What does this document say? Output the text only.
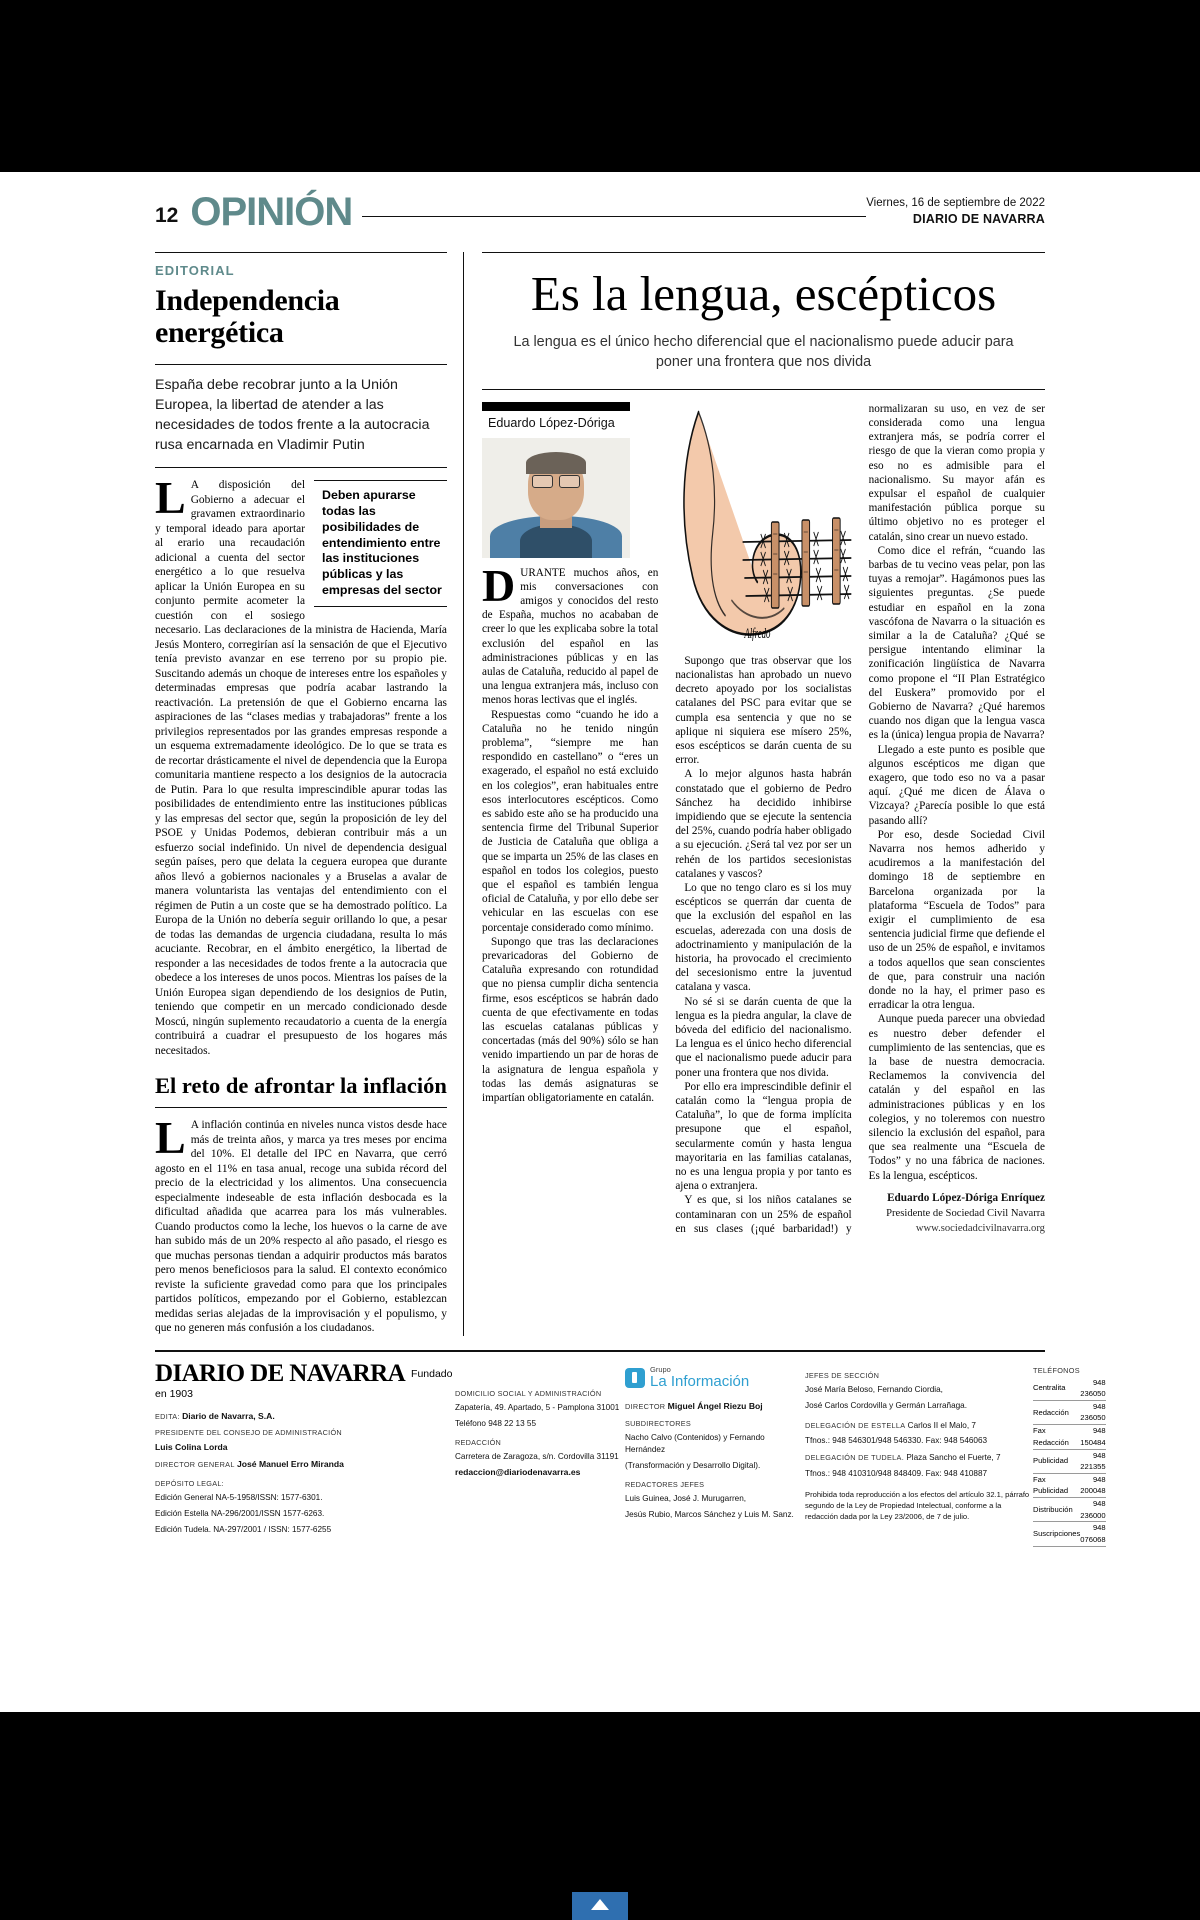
12 OPINIÓN	Viernes, 16 de septiembre de 2022
DIARIO DE NAVARRA
EDITORIAL
Independencia energética
España debe recobrar junto a la Unión Europea, la libertad de atender a las necesidades de todos frente a la autocracia rusa encarnada en Vladimir Putin
Deben apurarse todas las posibilidades de entendimiento entre las instituciones públicas y las empresas del sector

LA disposición del Gobierno a adecuar el gravamen extraordinario y temporal ideado para aportar al erario una recaudación adicional a cuenta del sector energético a lo que resuelva aplicar la Unión Europea en su conjunto permite acometer la cuestión con el sosiego necesario. Las declaraciones de la ministra de Hacienda, María Jesús Montero, corregirían así la sensación de que el Ejecutivo tenía previsto avanzar en ese terreno por su propio pie. Suscitando además un choque de intereses entre los españoles y determinadas empresas que podría acabar lastrando la reactivación. La pretensión de que el Gobierno encarna las aspiraciones de las “clases medias y trabajadoras” frente a los privilegios representados por las grandes empresas responde a un esquema extremadamente ideológico. De lo que se trata es de recortar drásticamente el nivel de dependencia que la Europa comunitaria mantiene respecto a los designios de la autocracia de Putin. Para lo que resulta imprescindible apurar todas las posibilidades de entendimiento entre las instituciones públicas y las empresas del sector que, según la proposición de ley del PSOE y Unidas Podemos, debieran contribuir más a un esfuerzo social indefinido. Un nivel de dependencia desigual según países, pero que delata la ceguera europea que durante años llevó a gobiernos nacionales y a Bruselas a avalar de manera voluntarista las ventajas del entendimiento con el régimen de Putin a un coste que se ha demostrado político. La Europa de la Unión no debería seguir orillando lo que, a pesar de todas las demandas de urgencia ciudadana, resulta lo más acuciante. Recobrar, en el ámbito energético, la libertad de responder a las necesidades de todos frente a la autocracia que obedece a los intereses de unos pocos. Mientras los países de la Unión Europea sigan dependiendo de los designios de Putin, teniendo que competir en un mercado condicionado desde Moscú, ningún suplemento recaudatorio a cuenta de la energía contribuirá a cuadrar el presupuesto de los hogares más necesitados.

El reto de afrontar la inflación

LA inflación continúa en niveles nunca vistos desde hace más de treinta años, y marca ya tres meses por encima del 10%. El detalle del IPC en Navarra, que cerró agosto en el 11% en tasa anual, recoge una subida récord del precio de la electricidad y los alimentos. Una consecuencia especialmente indeseable de esta inflación desbocada es la dificultad añadida que acarrea para los más vulnerables. Cuando productos como la leche, los huevos o la carne de ave han subido más de un 20% respecto al año pasado, el riesgo es que muchas personas tiendan a adquirir productos más baratos pero menos beneficiosos para la salud. El contexto económico reviste la suficiente gravedad como para que los principales partidos políticos, empezando por el Gobierno, establezcan medidas serias alejadas de la improvisación y el populismo, y que no generen más confusión a los ciudadanos.

Es la lengua, escépticos
La lengua es el único hecho diferencial que el nacionalismo puede aducir para poner una frontera que nos divida
Eduardo López-Dóriga

DURANTE muchos años, en mis conversaciones con amigos y conocidos del resto de España, muchos no acababan de creer lo que les explicaba sobre la total exclusión del español en las administraciones públicas y en las aulas de Cataluña, reducido al papel de una lengua extranjera más, incluso con menos horas lectivas que el inglés.

Respuestas como “cuando he ido a Cataluña no he tenido ningún problema”, “siempre me han respondido en castellano” o “eres un exagerado, el español no está excluido en los colegios”, eran habituales entre esos interlocutores escépticos. Como es sabido este año se ha producido una sentencia firme del Tribunal Superior de Justicia de Cataluña que obliga a que se imparta un 25% de las clases en español en todos los colegios, puesto que el español es también lengua oficial de Cataluña, y por ello debe ser vehicular en las escuelas con ese porcentaje considerado como mínimo.

Supongo que tras las declaraciones prevaricadoras del Gobierno de Cataluña expresando con rotundidad que no piensa cumplir dicha sentencia firme, esos escépticos se habrán dado cuenta de que efectivamente en todas las escuelas catalanas públicas y concertadas (más del 90%) sólo se han venido impartiendo un par de horas de la asignatura de lengua española y todas las demás asignaturas se impartían obligatoriamente en catalán.

Alfredo

Supongo que tras observar que los nacionalistas han aprobado un nuevo decreto apoyado por los socialistas catalanes del PSC para evitar que se cumpla esa sentencia y que no se aplique ni siquiera ese mísero 25%, esos escépticos se darán cuenta de su error.

A lo mejor algunos hasta habrán constatado que el gobierno de Pedro Sánchez ha decidido inhibirse impidiendo que se ejecute la sentencia del 25%, cuando podría haber obligado a su ejecución. ¿Será tal vez por ser un rehén de los partidos secesionistas catalanes y vascos?

Lo que no tengo claro es si los muy escépticos se querrán dar cuenta de que la exclusión del español en las escuelas, aderezada con una dosis de adoctrinamiento y manipulación de la historia, ha provocado el crecimiento del secesionismo entre la juventud catalana y vasca.

No sé si se darán cuenta de que la lengua es la piedra angular, la clave de bóveda del edificio del nacionalismo. La lengua es el único hecho diferencial que el nacionalismo puede aducir para poner una frontera que nos divida.

Por ello era imprescindible definir el catalán como la “lengua propia de Cataluña”, lo que de forma implícita presupone que el español, secularmente común y hasta lengua mayoritaria en las familias catalanas, no es una lengua propia y por tanto es ajena o extranjera.

Y es que, si los niños catalanes se contaminaran con un 25% de español en sus clases (¡qué barbaridad!) y normalizaran su uso, en vez de ser considerada como una lengua extranjera más, se podría correr el riesgo de que la vieran como propia y eso no es admisible para el nacionalismo. Su mayor afán es expulsar el español de cualquier manifestación pública porque su último objetivo no es proteger el catalán, sino crear un nuevo estado.

Como dice el refrán, “cuando las barbas de tu vecino veas pelar, pon las tuyas a remojar”. Hagámonos pues las siguientes preguntas. ¿Se puede estudiar en español en la zona vascófona de Navarra o la situación es similar a la de Cataluña? ¿Qué se persigue intentando eliminar la zonificación lingüística de Navarra como propone el “II Plan Estratégico del Euskera” promovido por el Gobierno de Navarra? ¿Qué haremos cuando nos digan que la lengua vasca es la (única) lengua propia de Navarra?

Llegado a este punto es posible que algunos escépticos me digan que exagero, que todo eso no va a pasar aquí. ¿Qué me dicen de Álava o Vizcaya? ¿Parecía posible lo que está pasando allí?

Por eso, desde Sociedad Civil Navarra nos hemos adherido y acudiremos a la manifestación del domingo 18 de septiembre en Barcelona organizada por la plataforma “Escuela de Todos” para exigir el cumplimiento de esa sentencia judicial firme que defiende el uso de un 25% de español, e invitamos a todos aquellos que sean conscientes de que, para construir una nación donde no la hay, el primer paso es erradicar la otra lengua.

Aunque pueda parecer una obviedad es nuestro deber defender el cumplimiento de las sentencias, que es la base de nuestra democracia. Reclamemos la convivencia del catalán y del español en las administraciones públicas y en los colegios, y no toleremos con nuestro silencio la exclusión del español, para que sea realmente una “Escuela de Todos” y no una fábrica de naciones. Es la lengua, escépticos.

Eduardo López-Dóriga Enríquez
Presidente de Sociedad Civil Navarra
www.sociedadcivilnavarra.org
DIARIO DE NAVARRA $^{Fundado en 1903}$
EDITA: Diario de Navarra, S.A.
PRESIDENTE DEL CONSEJO DE ADMINISTRACIÓN
Luis Colina Lorda
DIRECTOR GENERAL José Manuel Erro Miranda
DEPÓSITO LEGAL:
Edición General NA-5-1958/ISSN: 1577-6301.
Edición Estella NA-296/2001/ISSN 1577-6263.
Edición Tudela. NA-297/2001 / ISSN: 1577-6255
DOMICILIO SOCIAL Y ADMINISTRACIÓN
Zapatería, 49. Apartado, 5 - Pamplona 31001
Teléfono 948 22 13 55
REDACCIÓN
Carretera de Zaragoza, s/n. Cordovilla 31191
redaccion@diariodenavarra.es
Grupo
La Información
DIRECTOR Miguel Ángel Riezu Boj
SUBDIRECTORES
Nacho Calvo (Contenidos) y Fernando Hernández
(Transformación y Desarrollo Digital).
REDACTORES JEFES
Luis Guinea, José J. Murugarren,
Jesús Rubio, Marcos Sánchez y Luis M. Sanz.
JEFES DE SECCIÓN
José María Beloso, Fernando Ciordia,
José Carlos Cordovilla y Germán Larrañaga.
DELEGACIÓN DE ESTELLA Carlos II el Malo, 7
Tfnos.: 948 546301/948 546330. Fax: 948 546063
DELEGACIÓN DE TUDELA. Plaza Sancho el Fuerte, 7
Tfnos.: 948 410310/948 848409. Fax: 948 410887
Prohibida toda reproducción a los efectos del artículo 32.1, párrafo segundo de la Ley de Propiedad Intelectual, conforme a la redacción dada por la Ley 23/2006, de 7 de julio.
TELÉFONOS
Centralita	948 236050
Redacción	948 236050
Fax Redacción	948 150484
Publicidad	948 221355
Fax Publicidad	948 200048
Distribución	948 236000
Suscripciones	948 076068
